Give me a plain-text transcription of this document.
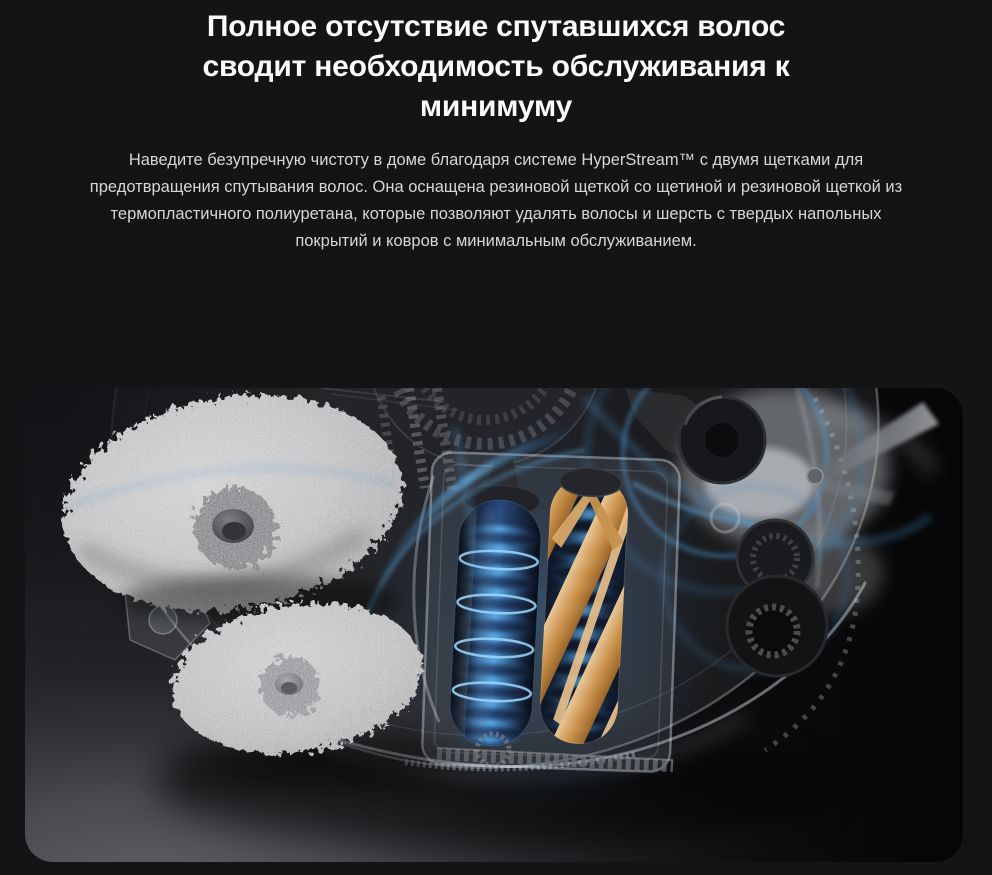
Полное отсутствие спутавшихся волос
сводит необходимость обслуживания к
минимуму

Наведите безупречную чистоту в доме благодаря системе HyperStream™ с двумя щетками для предотвращения спутывания волос. Она оснащена резиновой щеткой со щетиной и резиновой щеткой из термопластичного полиуретана, которые позволяют удалять волосы и шерсть с твердых напольных покрытий и ковров с минимальным обслуживанием.
